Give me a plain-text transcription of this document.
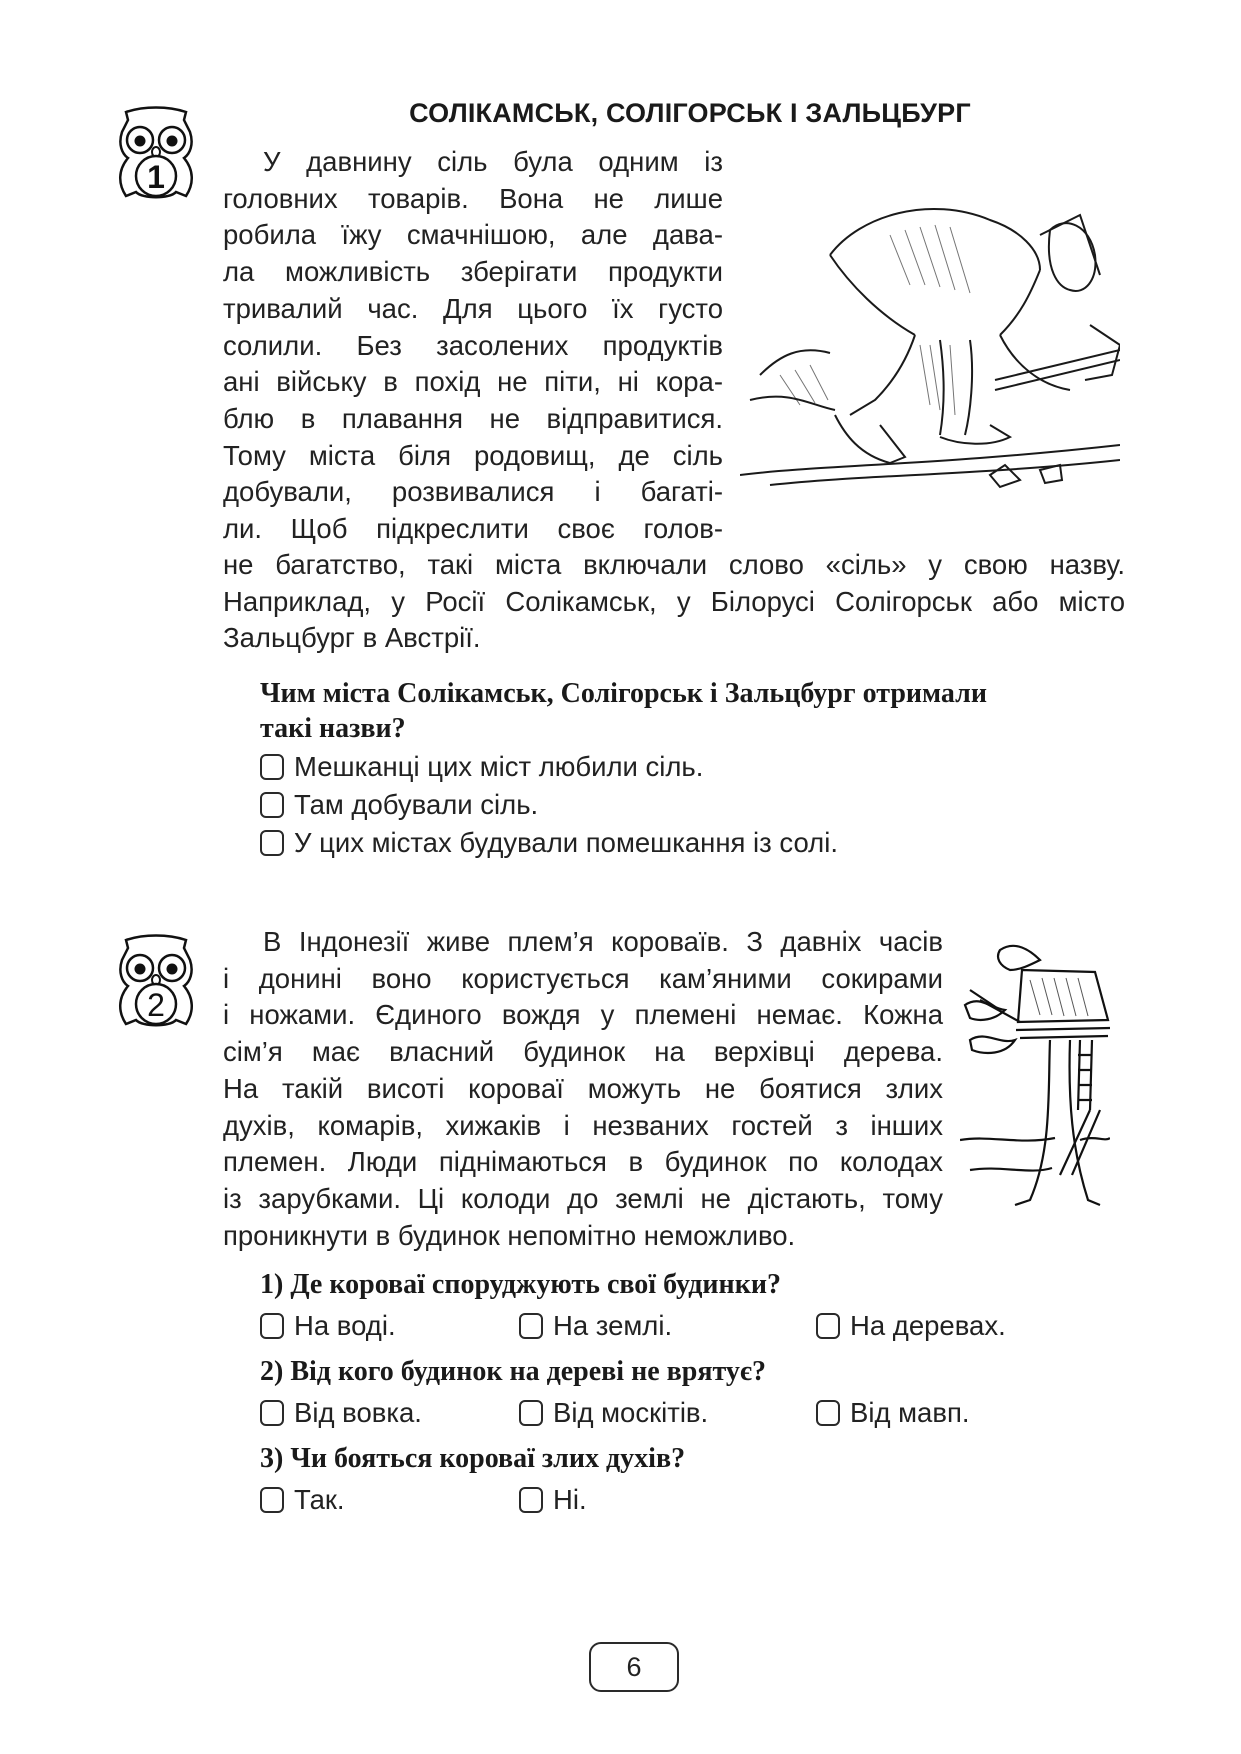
СОЛІКАМСЬК, СОЛІГОРСЬК І ЗАЛЬЦБУРГ
1	У давнину сіль була одним із
головних товарів. Вона не лише
робила їжу смачнішою, але дава-
ла можливість зберігати продукти
тривалий час. Для цього їх густо
солили. Без засолених продуктів
ані війську в похід не піти, ні кора-
блю в плавання не відправитися.
Тому міста біля родовищ, де сіль
добували, розвивалися і багаті-
ли. Щоб підкреслити своє голов-
не багатство, такі міста включали слово «сіль» у свою назву.
Наприклад, у Росії Солікамськ, у Білорусі Солігорськ або місто
Зальцбург в Австрії.
Чим міста Солікамськ, Солігорськ і Зальцбург отримали
такі назви?
Мешканці цих міст любили сіль.
Там добували сіль.
У цих містах будували помешкання із солі.
2
В Індонезії живе плем’я короваїв. З давніх часів
і донині воно користується кам’яними сокирами
і ножами. Єдиного вождя у племені немає. Кожна
сім’я має власний будинок на верхівці дерева.
На такій висоті коровaї можуть не боятися злих
духів, комарів, хижаків і незваних гостей з інших
племен. Люди піднімаються в будинок по колодах
із зарубками. Ці колоди до землі не дістають, тому
проникнути в будинок непомітно неможливо.
1) Де короваї споруджують свої будинки?
На воді.	На землі.	На деревах.
2) Від кого будинок на дереві не врятує?
Від вовка.	Від москітів.	Від мавп.
3) Чи бояться короваї злих духів?
Так.	Ні.
6
